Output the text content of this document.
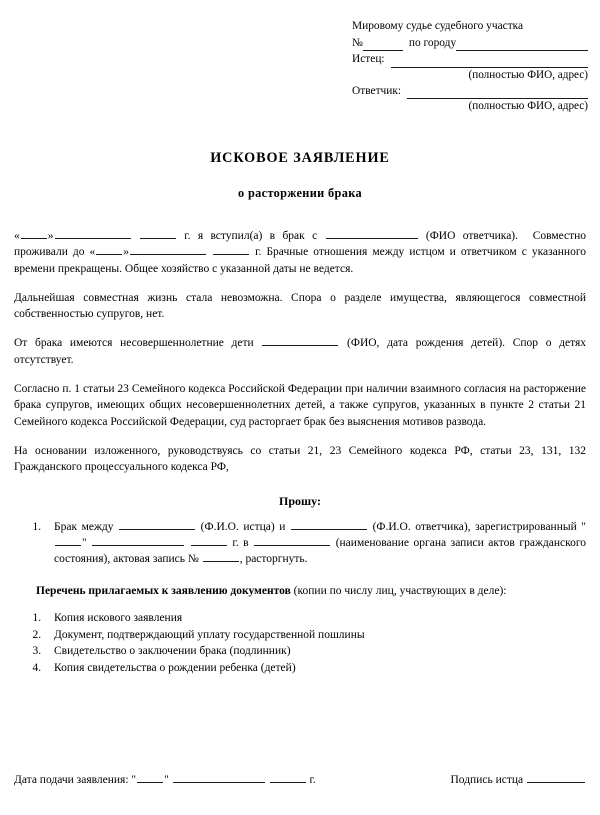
Мировому судье судебного участка
№	по городу
Истец:
(полностью ФИО, адрес)
Ответчик:
(полностью ФИО, адрес)
ИСКОВОЕ ЗАЯВЛЕНИЕ
о расторжении брака

« »	г. я вступил(а) в брак с	(ФИО ответчика). Совместно проживали до « »	г. Брачные отношения между истцом и ответчиком с указанного времени прекращены. Общее хозяйство с указанной даты не ведется.

Дальнейшая совместная жизнь стала невозможна. Спора о разделе имущества, являющегося совместной собственностью супругов, нет.

От брака имеются несовершеннолетние дети	(ФИО, дата рождения детей). Спор о детях отсутствует.

Согласно п. 1 статьи 23 Семейного кодекса Российской Федерации при наличии взаимного согласия на расторжение брака супругов, имеющих общих несовершеннолетних детей, а также супругов, указанных в пункте 2 статьи 21 Семейного кодекса Российской Федерации, суд расторгает брак без выяснения мотивов развода.

На основании изложенного, руководствуясь со статьи 21, 23 Семейного кодекса РФ, статьи 23, 131, 132 Гражданского процессуального кодекса РФ,

Прошу:
1. Брак между	(Ф.И.О. истца) и	(Ф.И.О. ответчика), зарегистрированный ""	г. в	(наименование органа записи актов гражданского состояния), актовая запись №	, расторгнуть.

Перечень прилагаемых к заявлению документов (копии по числу лиц, участвующих в деле):

1. Копия искового заявления
2. Документ, подтверждающий уплату государственной пошлины
3. Свидетельство о заключении брака (подлинник)
4. Копия свидетельства о рождении ребенка (детей)
Дата подачи заявления: " "	г.	Подпись истца
